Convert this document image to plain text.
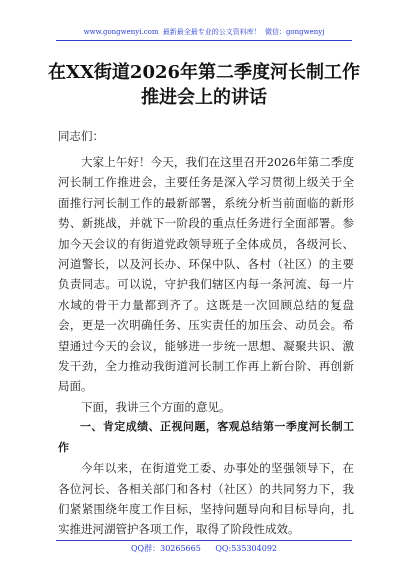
www.gongwenyi.com 最新最全最专业的公文资料库！ 微信：gongwenyj
在XX街道2026年第二季度河长制工作
推进会上的讲话
同志们：

大家上午好！今天，我们在这里召开2026年第二季度河长制工作推进会，主要任务是深入学习贯彻上级关于全面推行河长制工作的最新部署，系统分析当前面临的新形势、新挑战，并就下一阶段的重点任务进行全面部署。参加今天会议的有街道党政领导班子全体成员，各级河长、河道警长，以及河长办、环保中队、各村（社区）的主要负责同志。可以说，守护我们辖区内每一条河流、每一片水域的骨干力量都到齐了。这既是一次回顾总结的复盘会，更是一次明确任务、压实责任的加压会、动员会。希望通过今天的会议，能够进一步统一思想、凝聚共识、激发干劲，全力推动我街道河长制工作再上新台阶、再创新局面。

下面，我讲三个方面的意见。

一、肯定成绩、正视问题，客观总结第一季度河长制工作

今年以来，在街道党工委、办事处的坚强领导下，在各位河长、各相关部门和各村（社区）的共同努力下，我们紧紧围绕年度工作目标，坚持问题导向和目标导向，扎实推进河湖管护各项工作，取得了阶段性成效。

QQ群：30265665 QQ:535304092
